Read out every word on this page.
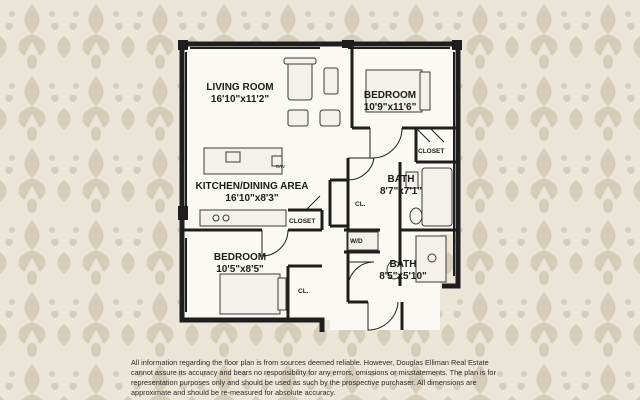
LIVING ROOM
16'10"x11'2"	BEDROOM
10'9"x11'6"
KITCHEN/DINING AREA
16'10"x8'3"
BATH
8'7"x7'1"
BEDROOM
10'5"x8'5"	BATH
8'5"x5'10"
CLOSET
CLOSET
CL.
CL.
W/D
D/W
All information regarding the floor plan is from sources deemed reliable. However, Douglas Elliman Real Estate cannot assure its accuracy and bears no responsibility for any errors, omissions or misstatements. The plan is for representation purposes only and should be used as such by the prospective purchaser. All dimensions are approximate and should be re-measured for absolute accuracy.
